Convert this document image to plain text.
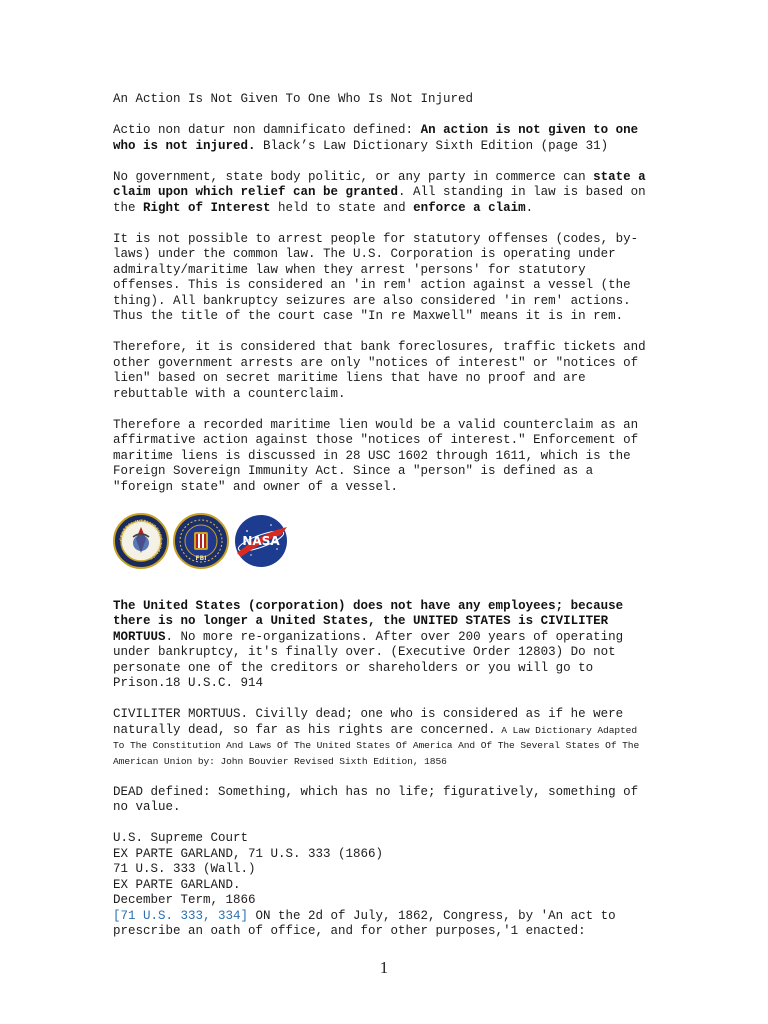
An Action Is Not Given To One Who Is Not Injured

Actio non datur non damnificato defined: An action is not given to one who is not injured. Black’s Law Dictionary Sixth Edition (page 31)

No government, state body politic, or any party in commerce can state a claim upon which relief can be granted. All standing in law is based on the Right of Interest held to state and enforce a claim.

It is not possible to arrest people for statutory offenses (codes, by-laws) under the common law. The U.S. Corporation is operating under admiralty/maritime law when they arrest 'persons' for statutory offenses. This is considered an 'in rem' action against a vessel (the thing). All bankruptcy seizures are also considered 'in rem' actions. Thus the title of the court case "In re Maxwell" means it is in rem.

Therefore, it is considered that bank foreclosures, traffic tickets and other government arrests are only "notices of interest" or "notices of lien" based on secret maritime liens that have no proof and are rebuttable with a counterclaim.

Therefore a recorded maritime lien would be a valid counterclaim as an affirmative action against those "notices of interest." Enforcement of maritime liens is discussed in 28 USC 1602 through 1611, which is the Foreign Sovereign Immunity Act. Since a "person" is defined as a "foreign state" and owner of a vessel.

CENTRAL INTELLIGENCE AGENCY	FBI
NASA

The United States (corporation) does not have any employees; because there is no longer a United States, the UNITED STATES is CIVILITER MORTUUS. No more re-organizations. After over 200 years of operating under bankruptcy, it's finally over. (Executive Order 12803) Do not personate one of the creditors or shareholders or you will go to Prison.18 U.S.C. 914

CIVILITER MORTUUS. Civilly dead; one who is considered as if he were naturally dead, so far as his rights are concerned. A Law Dictionary Adapted To The Constitution And Laws Of The United States Of America And Of The Several States Of The American Union by: John Bouvier Revised Sixth Edition, 1856

DEAD defined: Something, which has no life; figuratively, something of no value.

U.S. Supreme Court
EX PARTE GARLAND, 71 U.S. 333 (1866)
71 U.S. 333 (Wall.)
EX PARTE GARLAND.
December Term, 1866
[71 U.S. 333, 334] ON the 2d of July, 1862, Congress, by 'An act to prescribe an oath of office, and for other purposes,'1 enacted:

1
